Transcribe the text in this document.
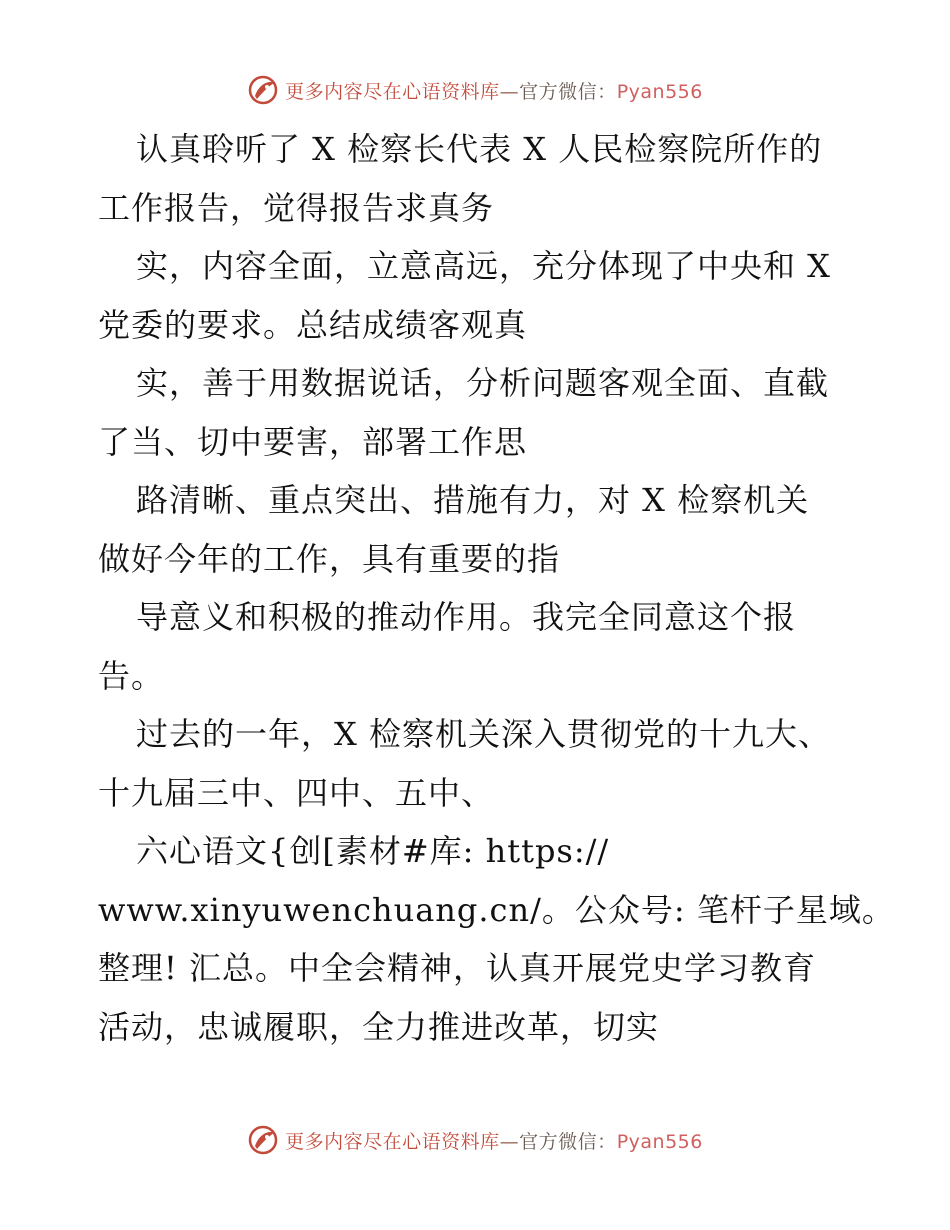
更多内容尽在心语资料库—官方微信：Pyan556
认真聆听了 X 检察长代表 X 人民检察院所作的
工作报告，觉得报告求真务
实，内容全面，立意高远，充分体现了中央和 X
党委的要求。总结成绩客观真
实，善于用数据说话，分析问题客观全面、直截
了当、切中要害，部署工作思
路清晰、重点突出、措施有力，对 X 检察机关
做好今年的工作，具有重要的指
导意义和积极的推动作用。我完全同意这个报
告。
过去的一年，X 检察机关深入贯彻党的十九大、
十九届三中、四中、五中、
六心语文{创[素材#库: https://
www.xinyuwenchuang.cn/。公众号: 笔杆子星域。
整理! 汇总。中全会精神，认真开展党史学习教育
活动，忠诚履职，全力推进改革，切实
更多内容尽在心语资料库—官方微信：Pyan556
